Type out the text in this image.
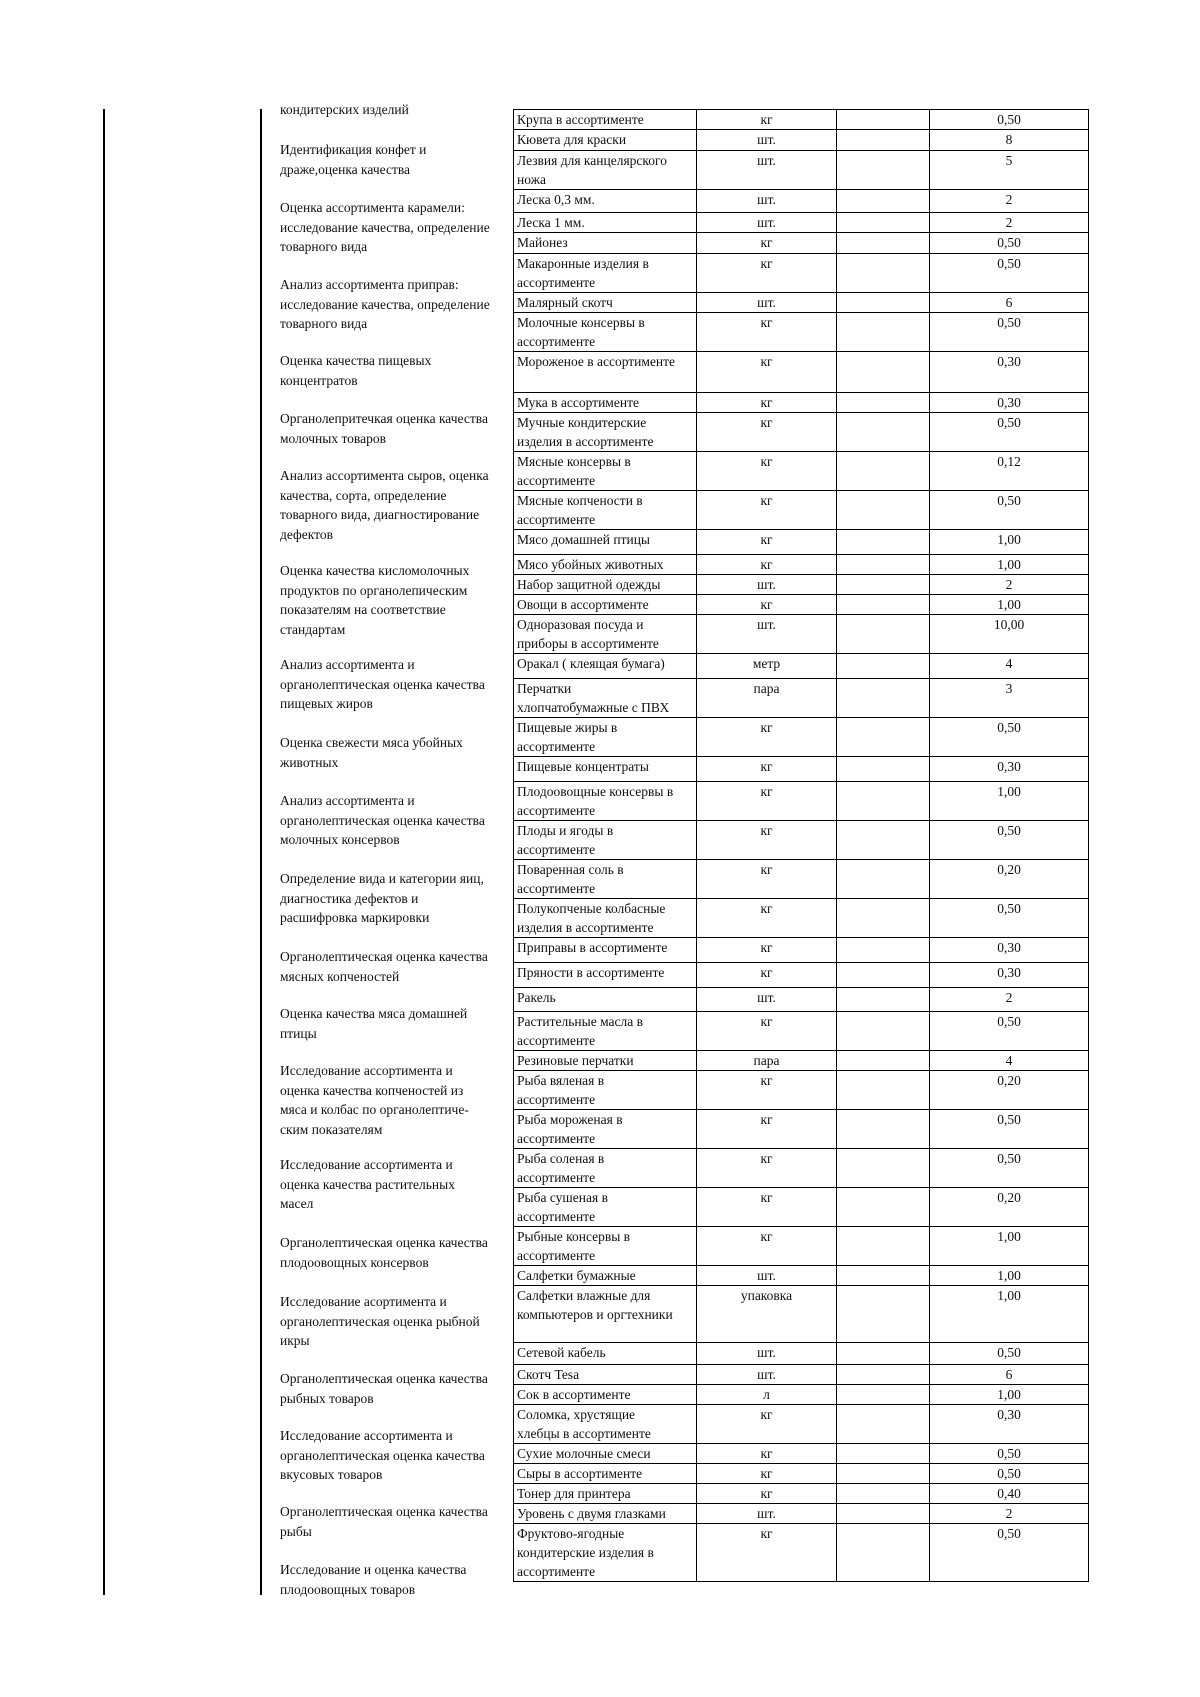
кондитерских изделий
Идентификация конфет и
драже,оценка качества
Оценка ассортимента карамели:
исследование качества, определение
товарного вида
Анализ ассортимента приправ:
исследование качества, определение
товарного вида
Оценка качества пищевых
концентратов
Органолепритечкая оценка качества
молочных товаров
Анализ ассортимента сыров, оценка
качества, сорта, определение
товарного вида, диагностирование
дефектов
Оценка качества кисломолочных
продуктов по органолепическим
показателям на соответствие
стандартам
Анализ ассортимента и
органолептическая оценка качества
пищевых жиров
Оценка свежести мяса убойных
животных
Анализ ассортимента и
органолептическая оценка качества
молочных консервов
Определение вида и категории яиц,
диагностика дефектов и
расшифровка маркировки
Органолептическая оценка качества
мясных копченостей
Оценка качества мяса домашней
птицы
Исследование ассортимента и
оценка качества копченостей из
мяса и колбас по органолептиче-
ским показателям
Исследование ассортимента и
оценка качества растительных
масел
Органолептическая оценка качества
плодоовощных консервов
Исследование асортимента и
органолептическая оценка рыбной
икры
Органолептическая оценка качества
рыбных товаров
Исследование ассортимента и
органолептическая оценка качества
вкусовых товаров
Органолептическая оценка качества
рыбы
Исследование и оценка качества
плодоовощных товаров
Крупа в ассортименте	кг		0,50
Кювета для краски	шт.		8
Лезвия для канцелярского
ножа	шт.		5
Леска 0,3 мм.	шт.		2
Леска 1 мм.	шт.		2
Майонез	кг		0,50
Макаронные изделия в
ассортименте	кг		0,50
Малярный скотч	шт.		6
Молочные консервы в
ассортименте	кг		0,50
Мороженое в ассортименте	кг		0,30
Мука в ассортименте	кг		0,30
Мучные кондитерские
изделия в ассортименте	кг		0,50
Мясные консервы в
ассортименте	кг		0,12
Мясные копчености в
ассортименте	кг		0,50
Мясо домашней птицы	кг		1,00
Мясо убойных животных	кг		1,00
Набор защитной одежды	шт.		2
Овощи в ассортименте	кг		1,00
Одноразовая посуда и
приборы в ассортименте	шт.		10,00
Оракал ( клеящая бумага)	метр		4
Перчатки
хлопчатобумажные с ПВХ	пара		3
Пищевые жиры в
ассортименте	кг		0,50
Пищевые концентраты	кг		0,30
Плодоовощные консервы в
ассортименте	кг		1,00
Плоды и ягоды в
ассортименте	кг		0,50
Поваренная соль в
ассортименте	кг		0,20
Полукопченые колбасные
изделия в ассортименте	кг		0,50
Приправы в ассортименте	кг		0,30
Пряности в ассортименте	кг		0,30
Ракель	шт.		2
Растительные масла в
ассортименте	кг		0,50
Резиновые перчатки	пара		4
Рыба вяленая в
ассортименте	кг		0,20
Рыба мороженая в
ассортименте	кг		0,50
Рыба соленая в
ассортименте	кг		0,50
Рыба сушеная в
ассортименте	кг		0,20
Рыбные консервы в
ассортименте	кг		1,00
Салфетки бумажные	шт.		1,00
Салфетки влажные для
компьютеров и оргтехники	упаковка		1,00
Сетевой кабель	шт.		0,50
Скотч Tesa	шт.		6
Сок в ассортименте	л		1,00
Соломка, хрустящие
хлебцы в ассортименте	кг		0,30
Сухие молочные смеси	кг		0,50
Сыры в ассортименте	кг		0,50
Тонер для принтера	кг		0,40
Уровень с двумя глазками	шт.		2
Фруктово-ягодные
кондитерские изделия в
ассортименте	кг		0,50
